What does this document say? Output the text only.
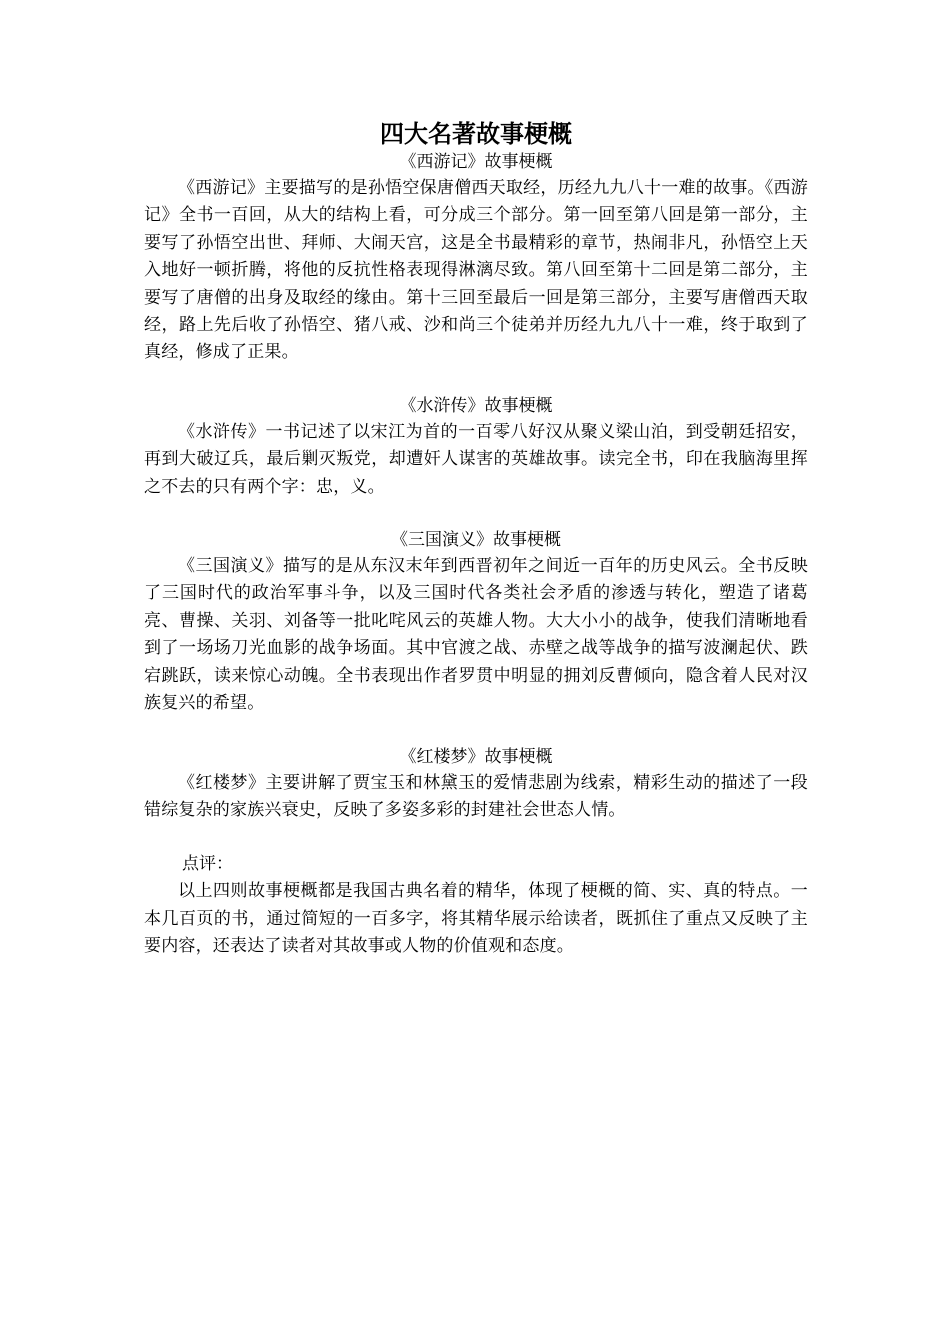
四大名著故事梗概

《西游记》故事梗概

《西游记》主要描写的是孙悟空保唐僧西天取经，历经九九八十一难的故事。《西游记》全书一百回，从大的结构上看，可分成三个部分。第一回至第八回是第一部分，主要写了孙悟空出世、拜师、大闹天宫，这是全书最精彩的章节，热闹非凡，孙悟空上天入地好一顿折腾，将他的反抗性格表现得淋漓尽致。第八回至第十二回是第二部分，主要写了唐僧的出身及取经的缘由。第十三回至最后一回是第三部分，主要写唐僧西天取经，路上先后收了孙悟空、猪八戒、沙和尚三个徒弟并历经九九八十一难，终于取到了真经，修成了正果。

《水浒传》故事梗概

《水浒传》一书记述了以宋江为首的一百零八好汉从聚义梁山泊，到受朝廷招安，再到大破辽兵，最后剿灭叛党，却遭奸人谋害的英雄故事。读完全书，印在我脑海里挥之不去的只有两个字：忠，义。

《三国演义》故事梗概

《三国演义》描写的是从东汉末年到西晋初年之间近一百年的历史风云。全书反映了三国时代的政治军事斗争，以及三国时代各类社会矛盾的渗透与转化，塑造了诸葛亮、曹操、关羽、刘备等一批叱咤风云的英雄人物。大大小小的战争，使我们清晰地看到了一场场刀光血影的战争场面。其中官渡之战、赤壁之战等战争的描写波澜起伏、跌宕跳跃，读来惊心动魄。全书表现出作者罗贯中明显的拥刘反曹倾向，隐含着人民对汉族复兴的希望。

《红楼梦》故事梗概

《红楼梦》主要讲解了贾宝玉和林黛玉的爱情悲剧为线索，精彩生动的描述了一段错综复杂的家族兴衰史，反映了多姿多彩的封建社会世态人情。

点评：

以上四则故事梗概都是我国古典名着的精华，体现了梗概的简、实、真的特点。一本几百页的书，通过简短的一百多字，将其精华展示给读者，既抓住了重点又反映了主要内容，还表达了读者对其故事或人物的价值观和态度。
